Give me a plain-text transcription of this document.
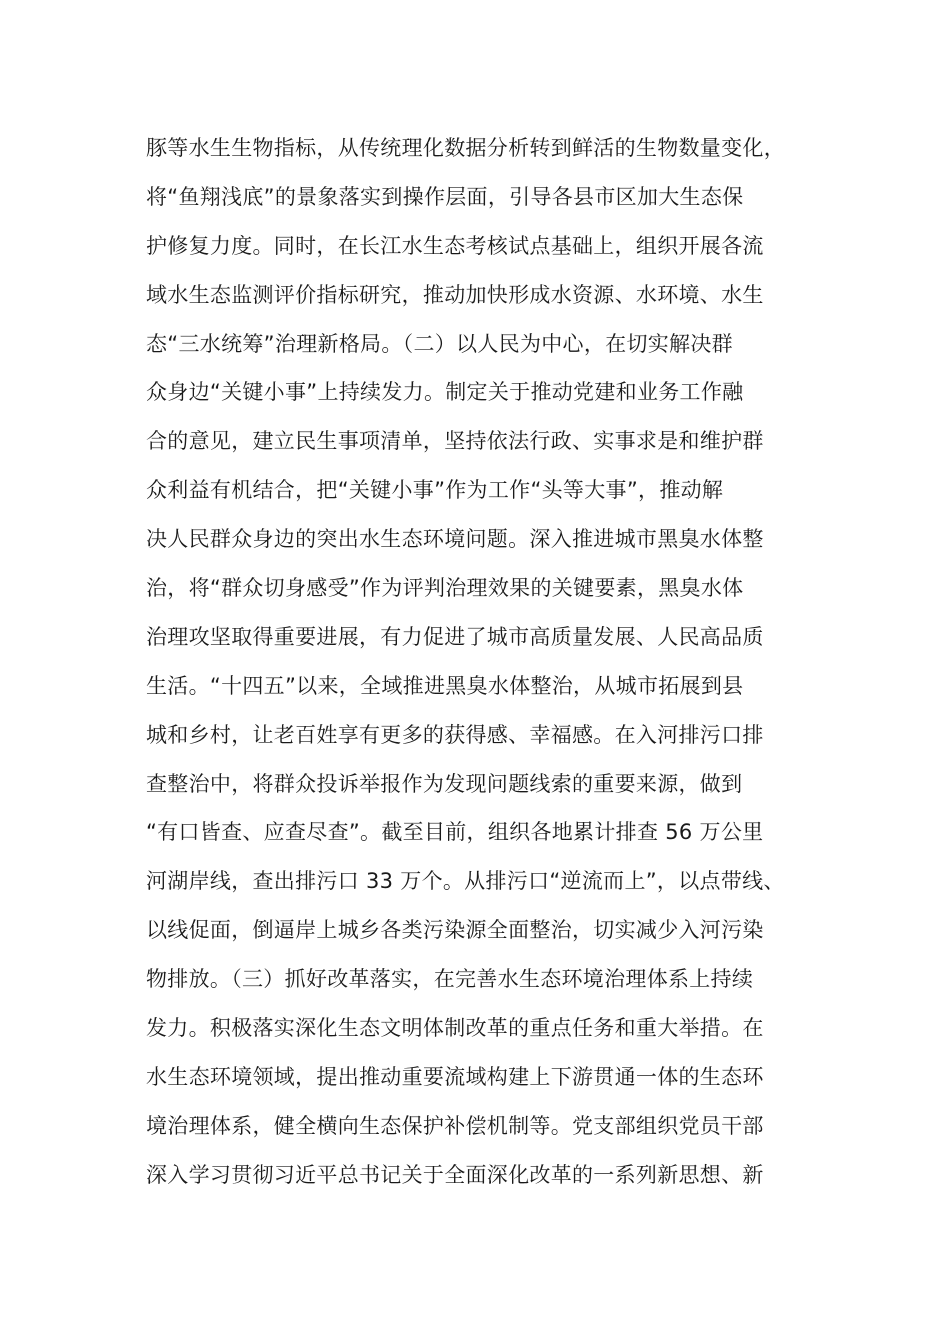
豚等水生生物指标，从传统理化数据分析转到鲜活的生物数量变化，
将“鱼翔浅底”的景象落实到操作层面，引导各县市区加大生态保
护修复力度。同时，在长江水生态考核试点基础上，组织开展各流
域水生态监测评价指标研究，推动加快形成水资源、水环境、水生
态“三水统筹”治理新格局。（二）以人民为中心，在切实解决群
众身边“关键小事”上持续发力。制定关于推动党建和业务工作融
合的意见，建立民生事项清单，坚持依法行政、实事求是和维护群
众利益有机结合，把“关键小事”作为工作“头等大事”，推动解
决人民群众身边的突出水生态环境问题。深入推进城市黑臭水体整
治，将“群众切身感受”作为评判治理效果的关键要素，黑臭水体
治理攻坚取得重要进展，有力促进了城市高质量发展、人民高品质
生活。“十四五”以来，全域推进黑臭水体整治，从城市拓展到县
城和乡村，让老百姓享有更多的获得感、幸福感。在入河排污口排
查整治中，将群众投诉举报作为发现问题线索的重要来源，做到
“有口皆查、应查尽查”。截至目前，组织各地累计排查 56 万公里
河湖岸线，查出排污口 33 万个。从排污口“逆流而上”，以点带线、
以线促面，倒逼岸上城乡各类污染源全面整治，切实减少入河污染
物排放。（三）抓好改革落实，在完善水生态环境治理体系上持续
发力。积极落实深化生态文明体制改革的重点任务和重大举措。在
水生态环境领域，提出推动重要流域构建上下游贯通一体的生态环
境治理体系，健全横向生态保护补偿机制等。党支部组织党员干部
深入学习贯彻习近平总书记关于全面深化改革的一系列新思想、新
